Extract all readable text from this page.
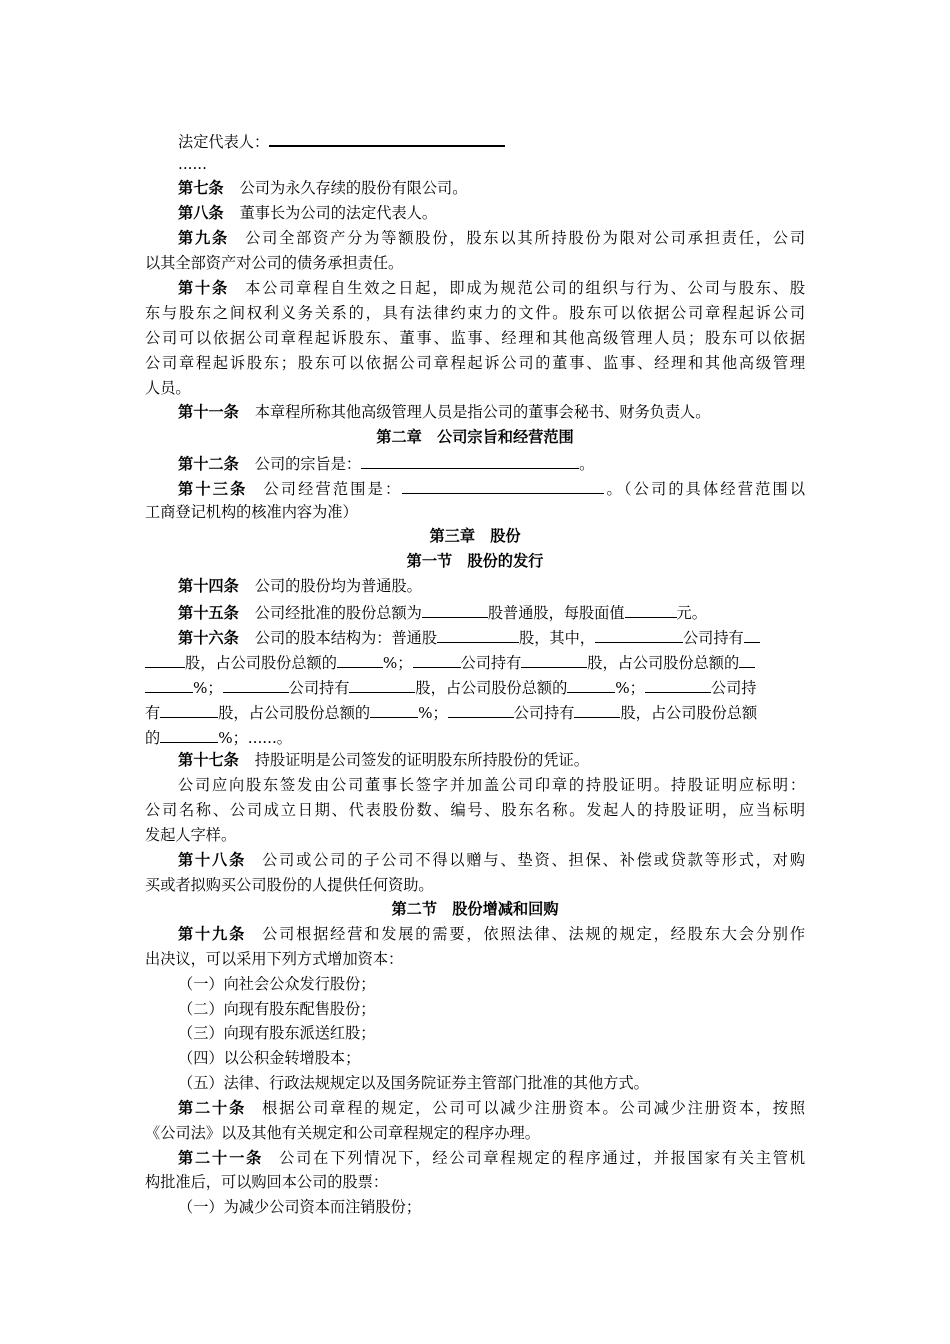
法定代表人：
......
第七条 公司为永久存续的股份有限公司。
第八条 董事长为公司的法定代表人。
第九条 公司全部资产分为等额股份，股东以其所持股份为限对公司承担责任，公司
以其全部资产对公司的债务承担责任。
第十条 本公司章程自生效之日起，即成为规范公司的组织与行为、公司与股东、股
东与股东之间权利义务关系的，具有法律约束力的文件。股东可以依据公司章程起诉公司
公司可以依据公司章程起诉股东、董事、监事、经理和其他高级管理人员；股东可以依据
公司章程起诉股东；股东可以依据公司章程起诉公司的董事、监事、经理和其他高级管理
人员。
第十一条 本章程所称其他高级管理人员是指公司的董事会秘书、财务负责人。
第二章　公司宗旨和经营范围
第十二条 公司的宗旨是：	。
第十三条 公司经营范围是：	。（公司的具体经营范围以
工商登记机构的核准内容为准）
第三章　股份
第一节　股份的发行
第十四条 公司的股份均为普通股。
第十五条 公司经批准的股份总额为	股普通股，每股面值	元。
第十六条 公司的股本结构为：普通股	股，其中，	公司持有
股，占公司股份总额的	%；	公司持有	股，占公司股份总额的
%；	公司持有	股，占公司股份总额的	%；	公司持
有	股，占公司股份总额的	%；	公司持有	股，占公司股份总额
的	%；......。
第十七条 持股证明是公司签发的证明股东所持股份的凭证。
公司应向股东签发由公司董事长签字并加盖公司印章的持股证明。持股证明应标明：
公司名称、公司成立日期、代表股份数、编号、股东名称。发起人的持股证明，应当标明
发起人字样。
第十八条 公司或公司的子公司不得以赠与、垫资、担保、补偿或贷款等形式，对购
买或者拟购买公司股份的人提供任何资助。
第二节　股份增减和回购
第十九条 公司根据经营和发展的需要，依照法律、法规的规定，经股东大会分别作
出决议，可以采用下列方式增加资本：
（一）向社会公众发行股份；
（二）向现有股东配售股份；
（三）向现有股东派送红股；
（四）以公积金转增股本；
（五）法律、行政法规规定以及国务院证券主管部门批准的其他方式。
第二十条 根据公司章程的规定，公司可以减少注册资本。公司减少注册资本，按照
《公司法》以及其他有关规定和公司章程规定的程序办理。
第二十一条 公司在下列情况下，经公司章程规定的程序通过，并报国家有关主管机
构批准后，可以购回本公司的股票：
（一）为减少公司资本而注销股份；
